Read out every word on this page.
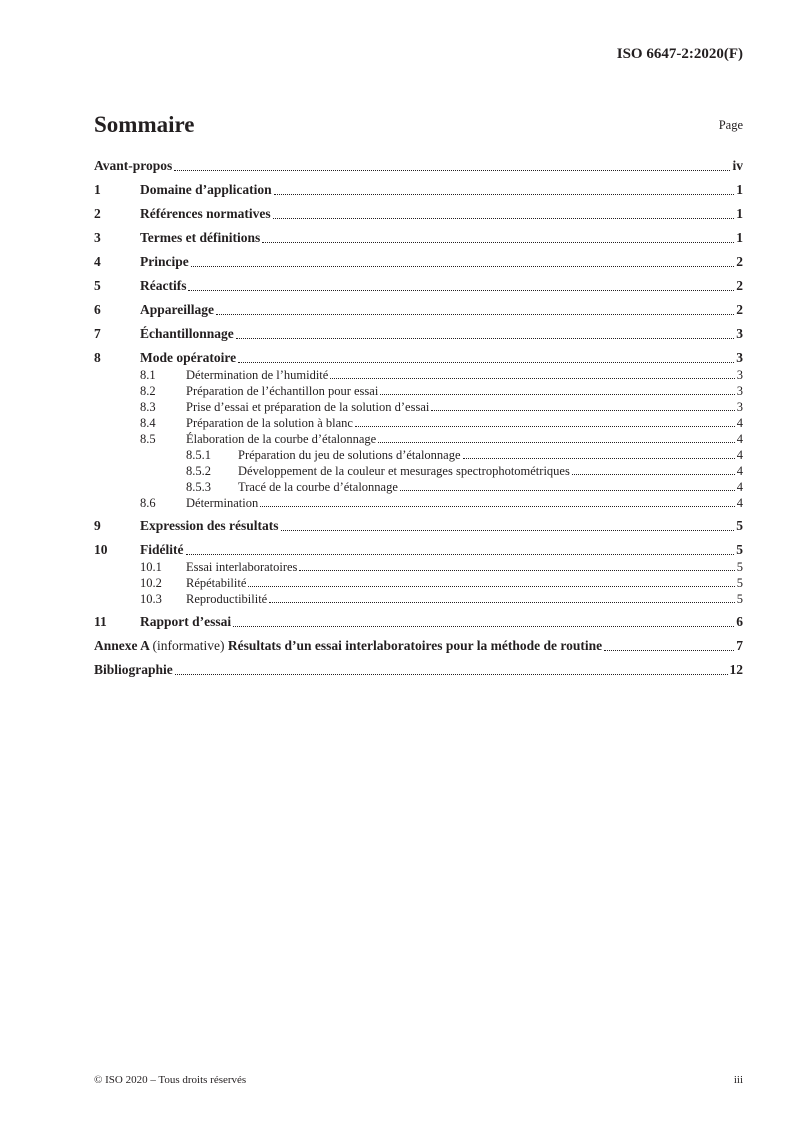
ISO 6647-2:2020(F)
Sommaire	Page
Avant-propos	iv
1	Domaine d’application	1
2	Références normatives	1
3	Termes et définitions	1
4	Principe	2
5	Réactifs	2
6	Appareillage	2
7	Échantillonnage	3
8	Mode opératoire	3
8.1	Détermination de l’humidité	3
8.2	Préparation de l’échantillon pour essai	3
8.3	Prise d’essai et préparation de la solution d’essai	3
8.4	Préparation de la solution à blanc	4
8.5	Élaboration de la courbe d’étalonnage	4
8.5.1	Préparation du jeu de solutions d’étalonnage	4
8.5.2	Développement de la couleur et mesurages spectrophotométriques	4
8.5.3	Tracé de la courbe d’étalonnage	4
8.6	Détermination	4
9	Expression des résultats	5
10	Fidélité	5
10.1	Essai interlaboratoires	5
10.2	Répétabilité	5
10.3	Reproductibilité	5
11	Rapport d’essai	6
Annexe A (informative) Résultats d’un essai interlaboratoires pour la méthode de routine	7
Bibliographie	12
© ISO 2020 – Tous droits réservés	iii
